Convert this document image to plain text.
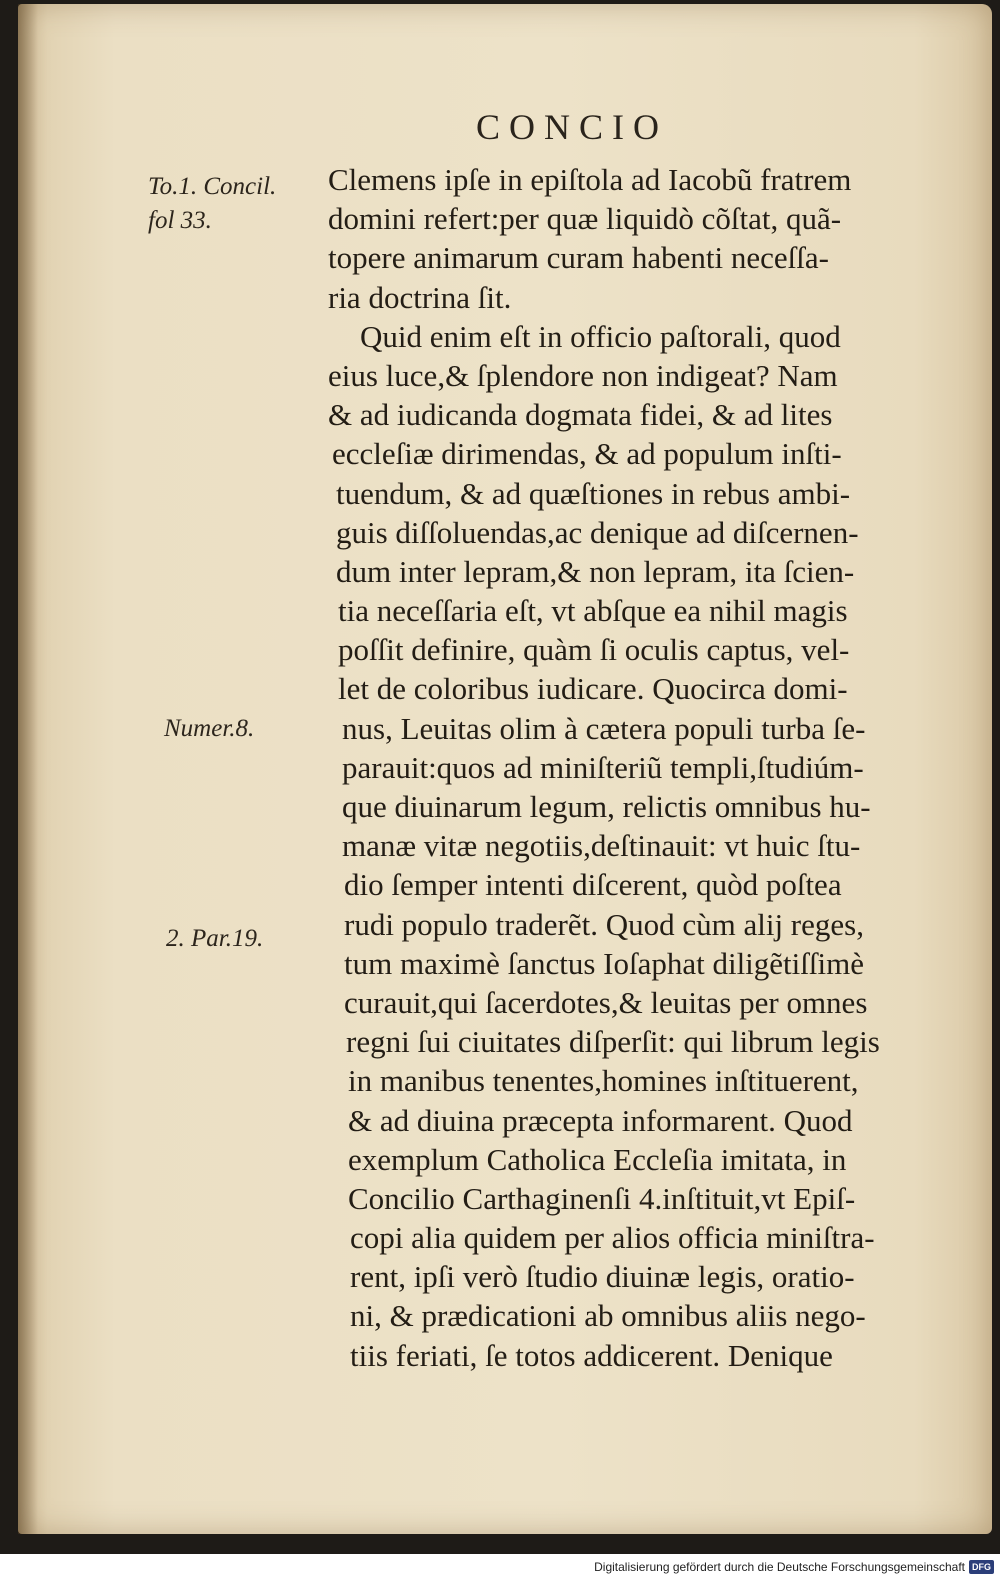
CONCIO
To.1. Concil.
fol 33.
Numer.8.
2. Par.19.
Clemens ipſe in epiſtola ad Iacobũ fratrem
domini refert:per quæ liquidò cõſtat, quã-
topere animarum curam habenti neceſſa-
ria doctrina ſit.
Quid enim eſt in officio paſtorali, quod
eius luce,& ſplendore non indigeat? Nam
& ad iudicanda dogmata fidei, & ad lites
eccleſiæ dirimendas, & ad populum inſti-
tuendum, & ad quæſtiones in rebus ambi-
guis diſſoluendas,ac denique ad diſcernen-
dum inter lepram,& non lepram, ita ſcien-
tia neceſſaria eſt, vt abſque ea nihil magis
poſſit definire, quàm ſi oculis captus, vel-
let de coloribus iudicare. Quocirca domi-
nus, Leuitas olim à cætera populi turba ſe-
parauit:quos ad miniſteriũ templi,ſtudiúm-
que diuinarum legum, relictis omnibus hu-
manæ vitæ negotiis,deſtinauit: vt huic ſtu-
dio ſemper intenti diſcerent, quòd poſtea
rudi populo traderẽt. Quod cùm alij reges,
tum maximè ſanctus Ioſaphat diligẽtiſſimè
curauit,qui ſacerdotes,& leuitas per omnes
regni ſui ciuitates diſperſit: qui librum legis
in manibus tenentes,homines inſtituerent,
& ad diuina præcepta informarent. Quod
exemplum Catholica Eccleſia imitata, in
Concilio Carthaginenſi 4.inſtituit,vt Epiſ-
copi alia quidem per alios officia miniſtra-
rent, ipſi verò ſtudio diuinæ legis, oratio-
ni, & prædicationi ab omnibus aliis nego-
tiis feriati, ſe totos addicerent. Denique
Digitalisierung gefördert durch die Deutsche Forschungsgemeinschaft DFG
